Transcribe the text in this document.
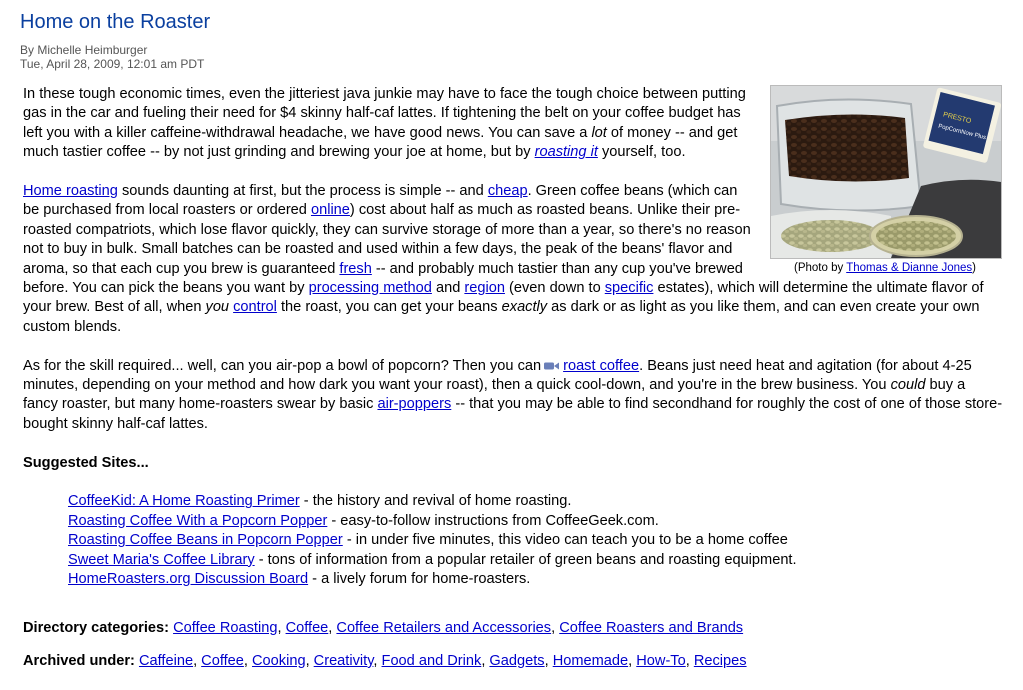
Home on the Roaster
By Michelle Heimburger
Tue, April 28, 2009, 12:01 am PDT
PRESTO
PopCornNow Plus
(Photo by Thomas & Dianne Jones)

In these tough economic times, even the jitteriest java junkie may have to face the tough choice between putting gas in the car and fueling their need for $4 skinny half-caf lattes. If tightening the belt on your coffee budget has left you with a killer caffeine-withdrawal headache, we have good news. You can save a lot of money -- and get much tastier coffee -- by not just grinding and brewing your joe at home, but by roasting it yourself, too.

Home roasting sounds daunting at first, but the process is simple -- and cheap. Green coffee beans (which can be purchased from local roasters or ordered online) cost about half as much as roasted beans. Unlike their pre-roasted compatriots, which lose flavor quickly, they can survive storage of more than a year, so there's no reason not to buy in bulk. Small batches can be roasted and used within a few days, the peak of the beans' flavor and aroma, so that each cup you brew is guaranteed fresh -- and probably much tastier than any cup you've brewed before. You can pick the beans you want by processing method and region (even down to specific estates), which will determine the ultimate flavor of your brew. Best of all, when you control the roast, you can get your beans exactly as dark or as light as you like them, and can even create your own custom blends.

As for the skill required... well, can you air-pop a bowl of popcorn? Then you can roast coffee. Beans just need heat and agitation (for about 4-25 minutes, depending on your method and how dark you want your roast), then a quick cool-down, and you're in the brew business. You could buy a fancy roaster, but many home-roasters swear by basic air-poppers -- that you may be able to find secondhand for roughly the cost of one of those store-bought skinny half-caf lattes.

Suggested Sites...
CoffeeKid: A Home Roasting Primer - the history and revival of home roasting.
Roasting Coffee With a Popcorn Popper - easy-to-follow instructions from CoffeeGeek.com.
Roasting Coffee Beans in Popcorn Popper - in under five minutes, this video can teach you to be a home coffee
Sweet Maria's Coffee Library - tons of information from a popular retailer of green beans and roasting equipment.
HomeRoasters.org Discussion Board - a lively forum for home-roasters.
Directory categories: Coffee Roasting, Coffee, Coffee Retailers and Accessories, Coffee Roasters and Brands
Archived under: Caffeine, Coffee, Cooking, Creativity, Food and Drink, Gadgets, Homemade, How-To, Recipes
